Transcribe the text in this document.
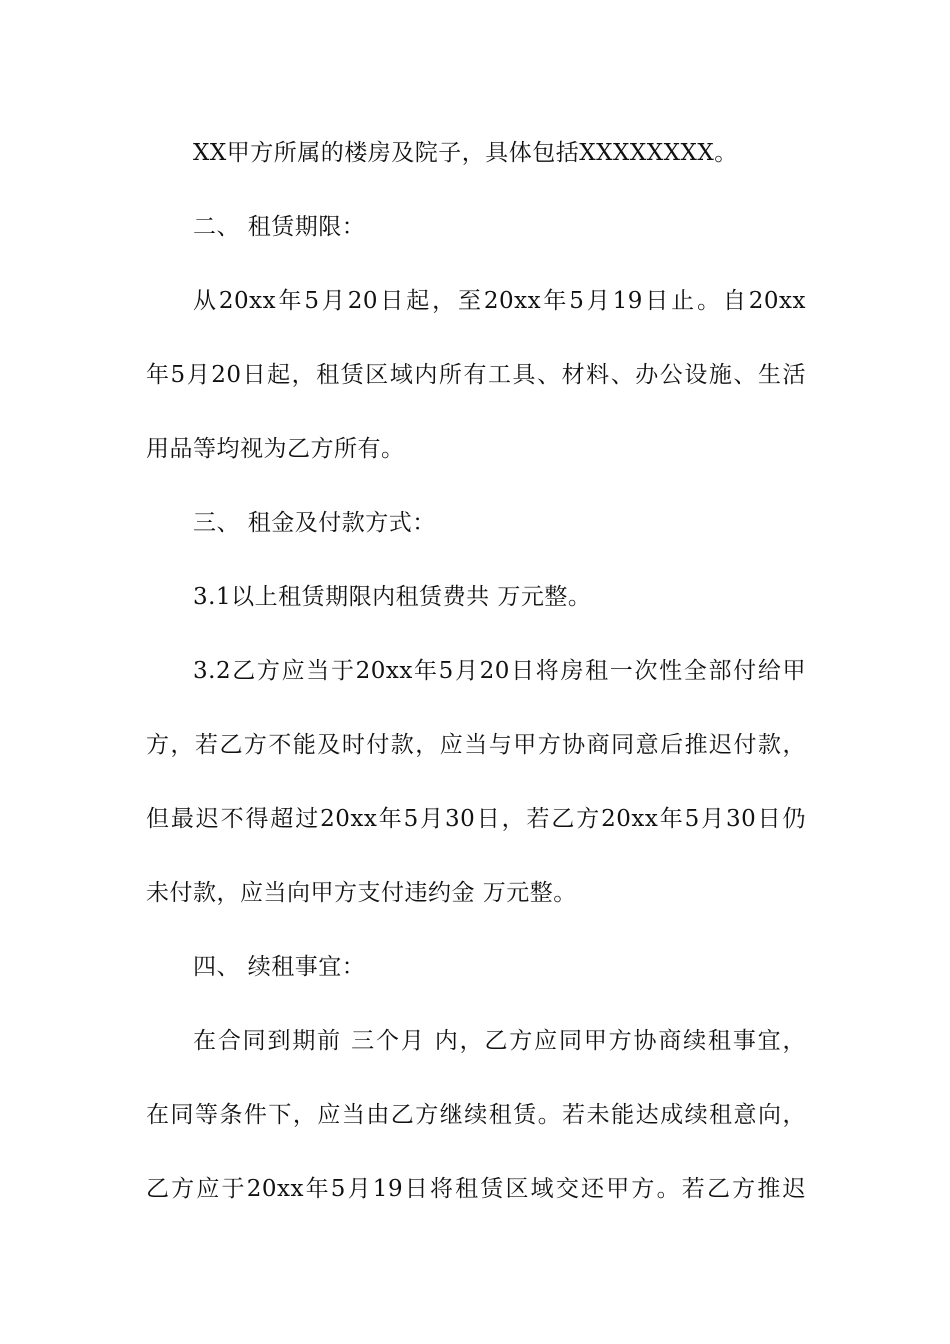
XX甲方所属的楼房及院子，具体包括XXXXXXXX。
二、 租赁期限：
从20xx年5月20日起，至20xx年5月19日止。自20xx
年5月20日起，租赁区域内所有工具、材料、办公设施、生活
用品等均视为乙方所有。
三、 租金及付款方式：
3.1以上租赁期限内租赁费共 万元整。
3.2乙方应当于20xx年5月20日将房租一次性全部付给甲
方，若乙方不能及时付款，应当与甲方协商同意后推迟付款，
但最迟不得超过20xx年5月30日，若乙方20xx年5月30日仍
未付款，应当向甲方支付违约金 万元整。
四、 续租事宜：
在合同到期前 三个月 内，乙方应同甲方协商续租事宜，
在同等条件下，应当由乙方继续租赁。若未能达成续租意向，
乙方应于20xx年5月19日将租赁区域交还甲方。若乙方推迟
